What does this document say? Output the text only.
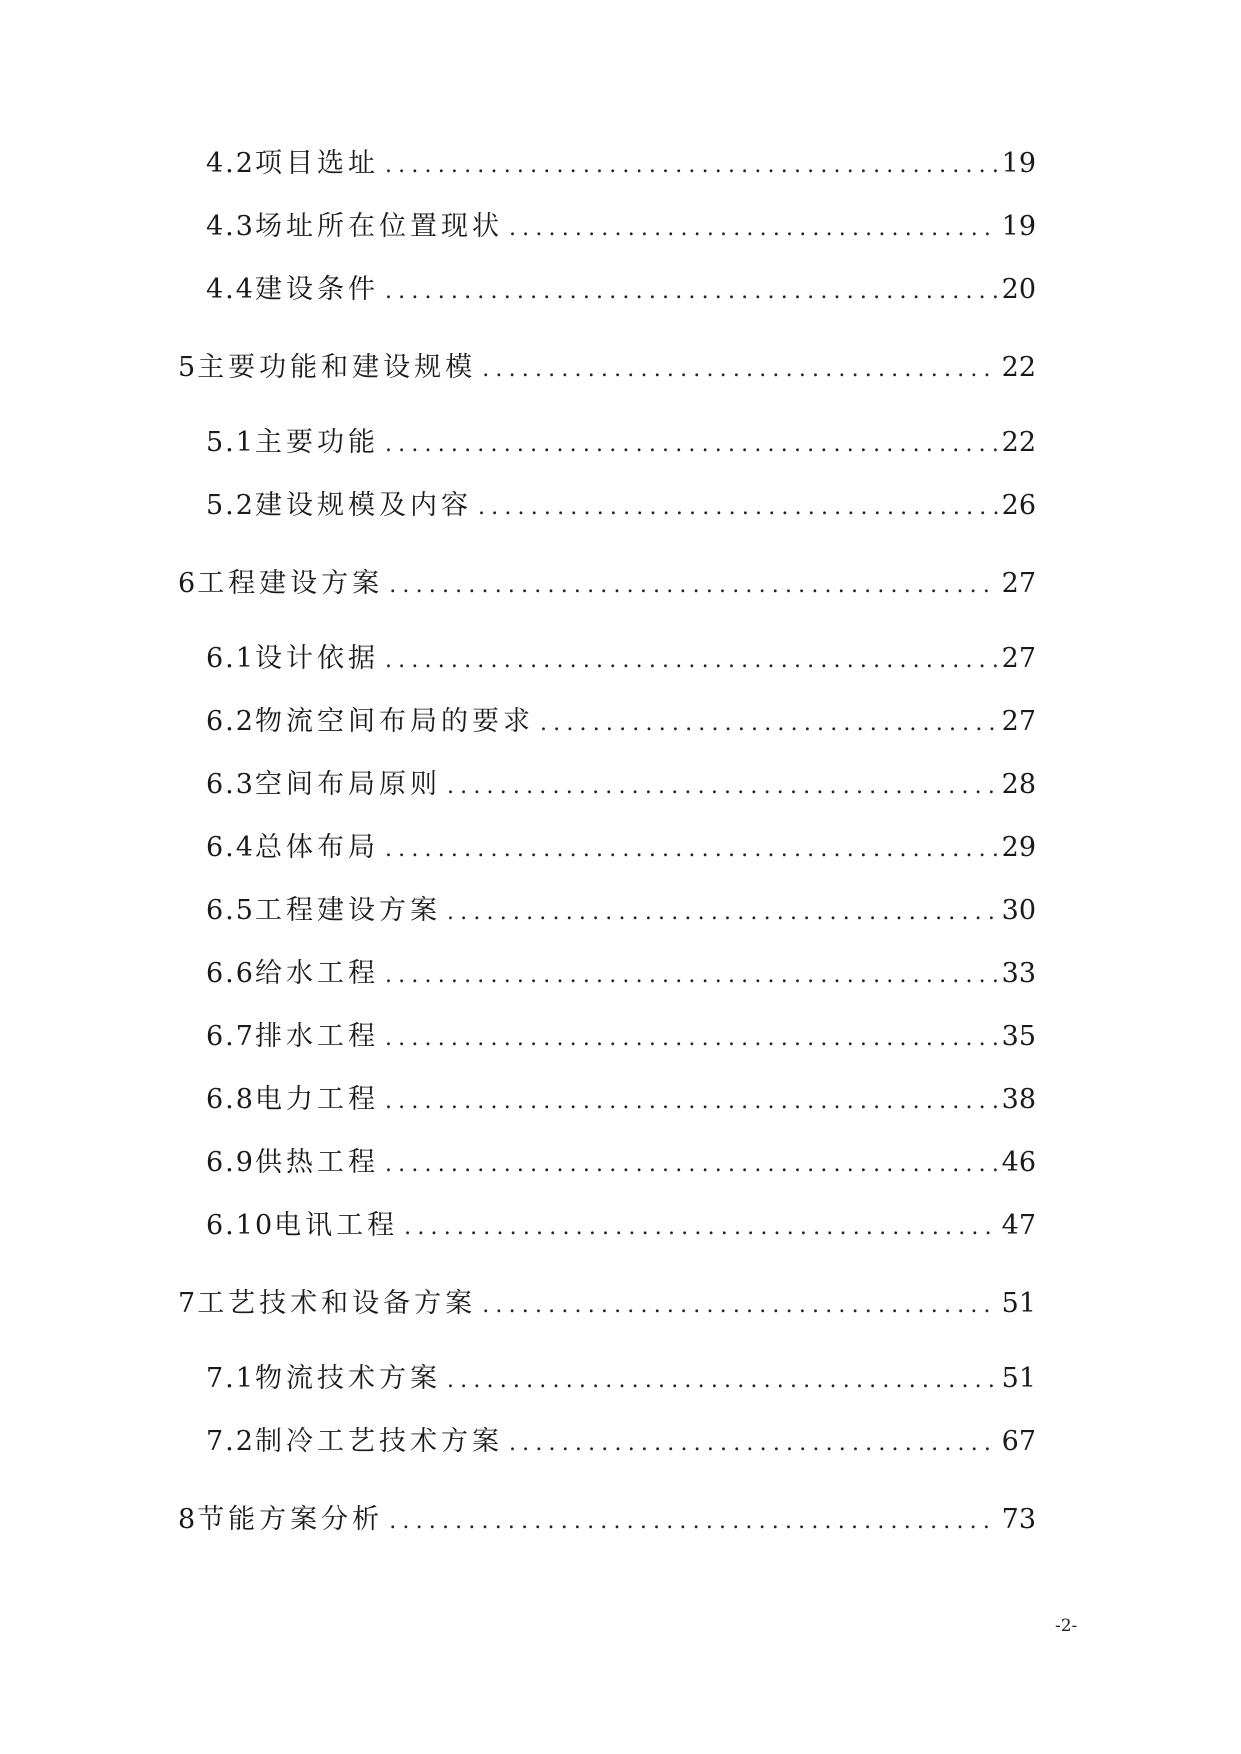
4.2 项目选址 .....	19
4.3 场址所在位置现状 .....	19
4.4 建设条件 .....	20
5 主要功能和建设规模 .....	22
5.1 主要功能 .....	22
5.2 建设规模及内容 .....	26
6 工程建设方案 .....	27
6.1 设计依据 .....	27
6.2 物流空间布局的要求 .....	27
6.3 空间布局原则 .....	28
6.4 总体布局 .....	29
6.5 工程建设方案 .....	30
6.6 给水工程 .....	33
6.7 排水工程 .....	35
6.8 电力工程 .....	38
6.9 供热工程 .....	46
6.10 电讯工程 .....	47
7 工艺技术和设备方案 .....	51
7.1 物流技术方案 .....	51
7.2 制冷工艺技术方案 .....	67
8 节能方案分析 .....	73
-2-
